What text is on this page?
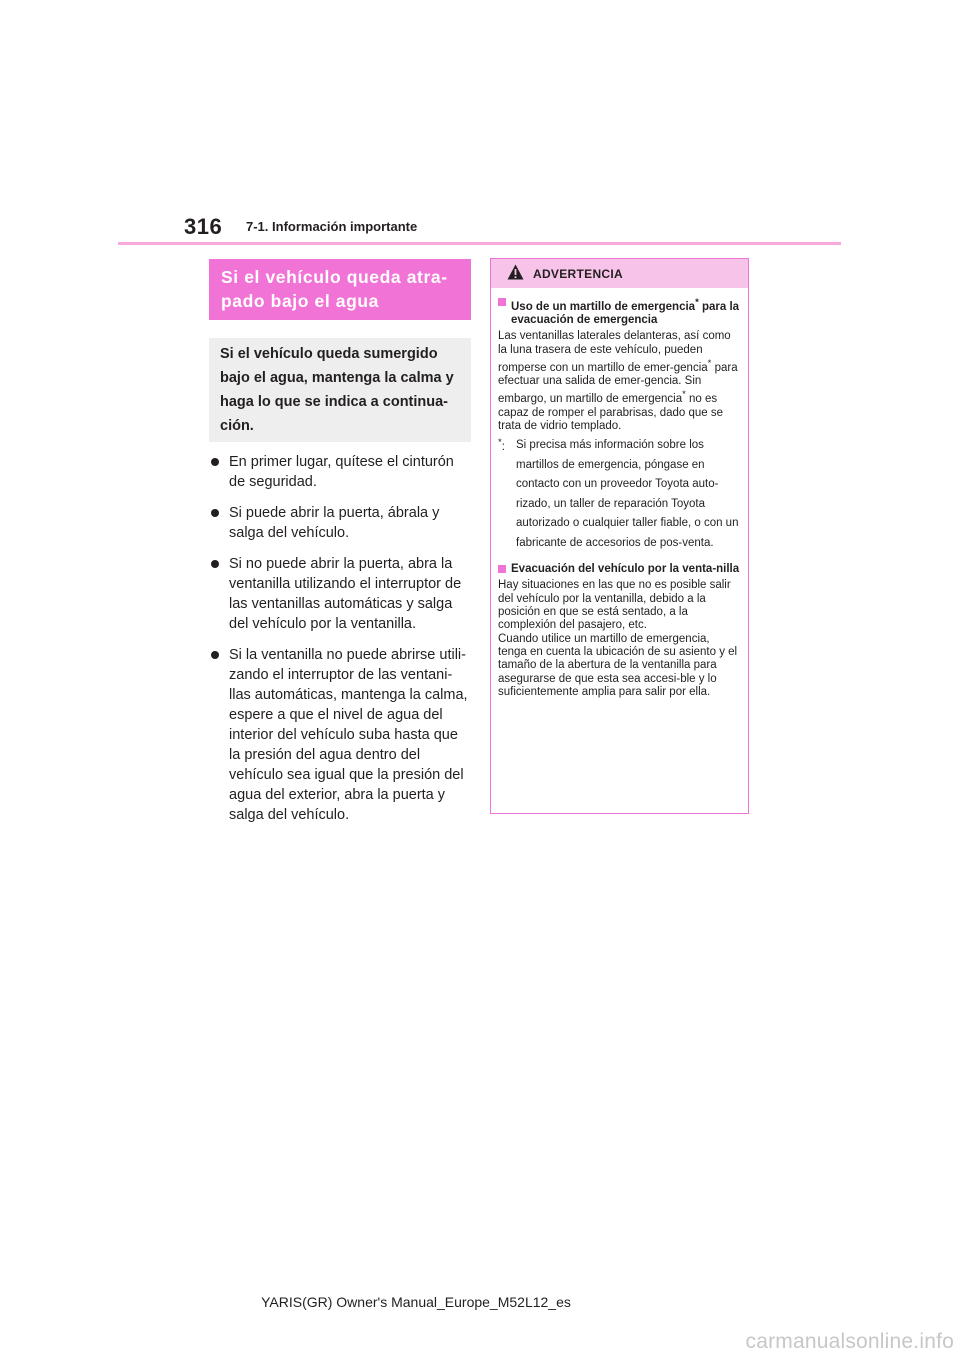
316 7-1. Información importante
Si el vehículo queda atra-pado bajo el agua
Si el vehículo queda sumergido bajo el agua, mantenga la calma y haga lo que se indica a continua-ción.
En primer lugar, quítese el cinturón de seguridad.
Si puede abrir la puerta, ábrala y salga del vehículo.
Si no puede abrir la puerta, abra la ventanilla utilizando el interruptor de las ventanillas automáticas y salga del vehículo por la ventanilla.
Si la ventanilla no puede abrirse utili-zando el interruptor de las ventani-llas automáticas, mantenga la calma, espere a que el nivel de agua del interior del vehículo suba hasta que la presión del agua dentro del vehículo sea igual que la presión del agua del exterior, abra la puerta y salga del vehículo.
ADVERTENCIA
Uso de un martillo de emergencia* para la evacuación de emergencia

Las ventanillas laterales delanteras, así como la luna trasera de este vehículo, pueden romperse con un martillo de emer-gencia* para efectuar una salida de emer-gencia. Sin embargo, un martillo de emergencia* no es capaz de romper el parabrisas, dado que se trata de vidrio templado.

*: Si precisa más información sobre los martillos de emergencia, póngase en contacto con un proveedor Toyota auto-rizado, un taller de reparación Toyota autorizado o cualquier taller fiable, o con un fabricante de accesorios de pos-venta.
Evacuación del vehículo por la venta-nilla

Hay situaciones en las que no es posible salir del vehículo por la ventanilla, debido a la posición en que se está sentado, a la complexión del pasajero, etc.

Cuando utilice un martillo de emergencia, tenga en cuenta la ubicación de su asiento y el tamaño de la abertura de la ventanilla para asegurarse de que esta sea accesi-ble y lo suficientemente amplia para salir por ella.

YARIS(GR) Owner's Manual_Europe_M52L12_es
carmanualsonline.info
